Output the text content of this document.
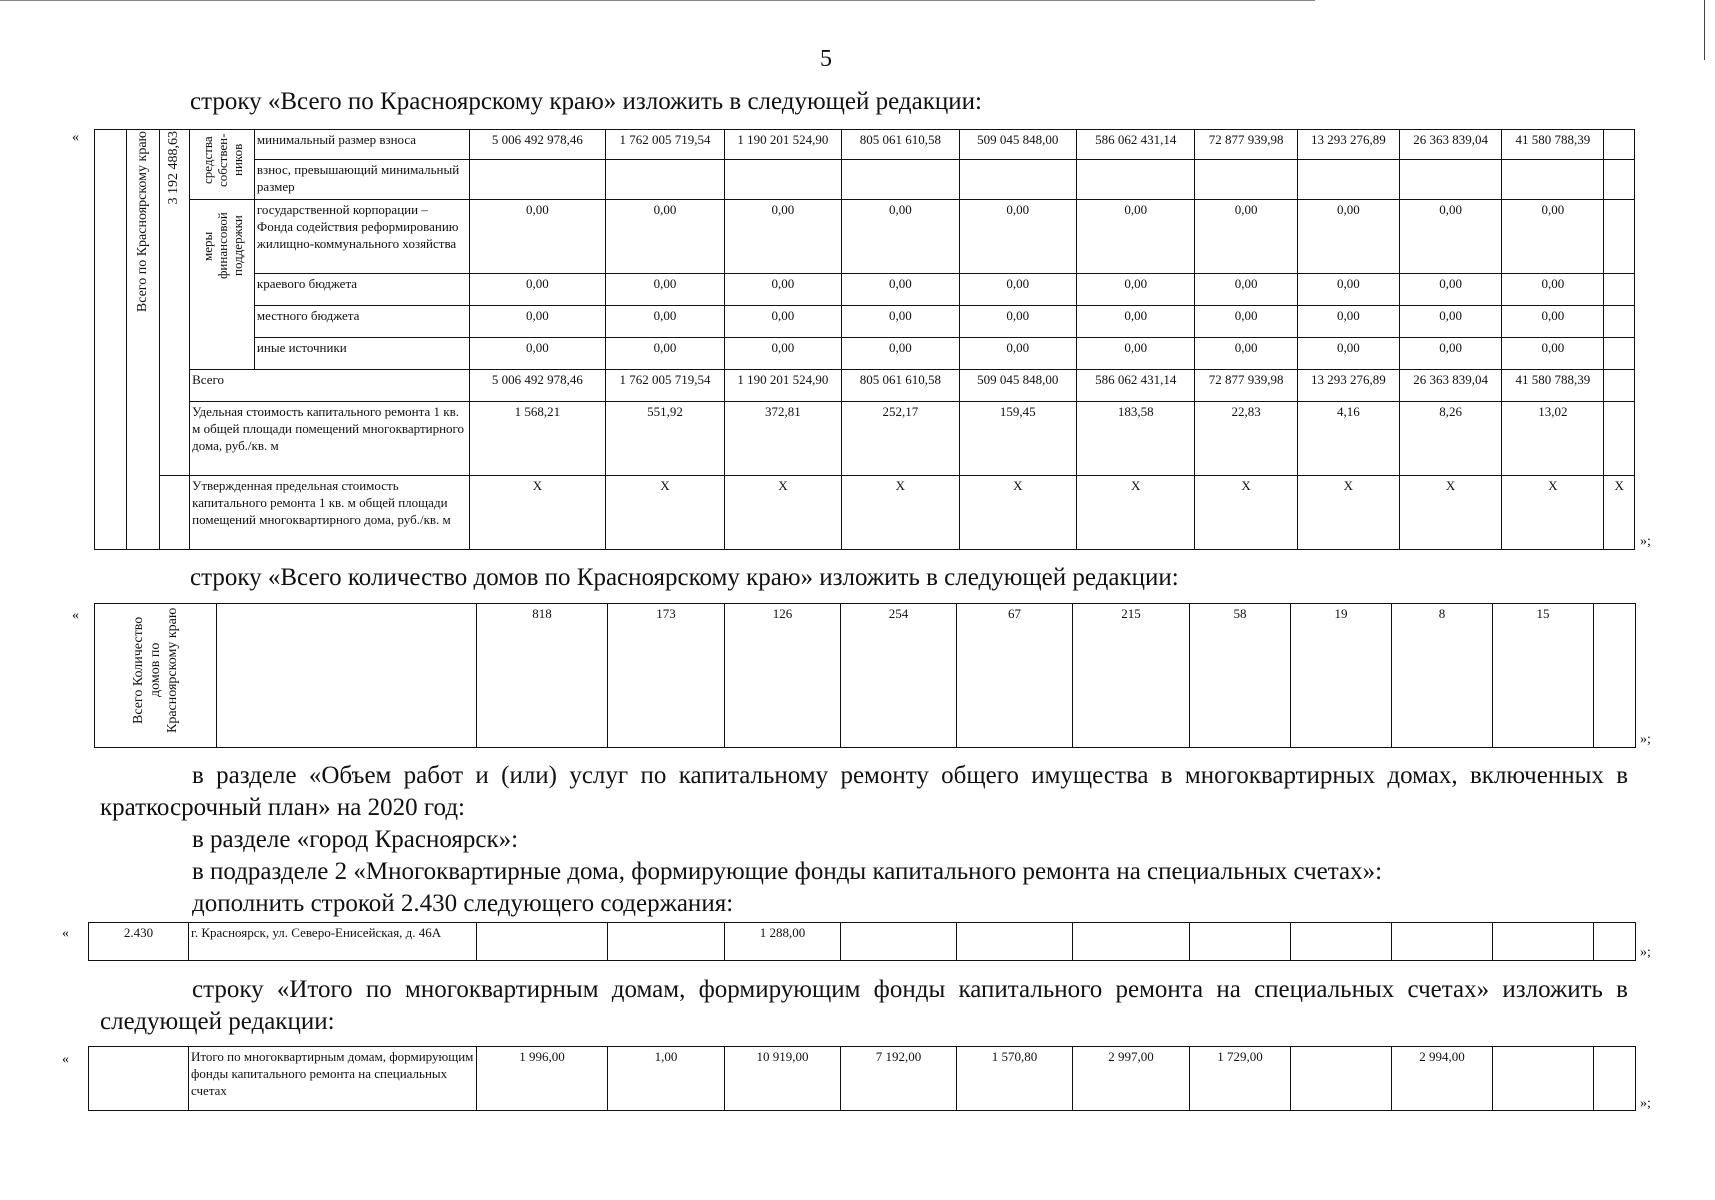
5
строку «Всего по Красноярскому краю» изложить в следующей редакции:
«
		Всего по Красноярскому краю	3 192 488,63	средства собствен-ников	минимальный размер взноса	5 006 492 978,46	1 762 005 719,54	1 190 201 524,90	805 061 610,58	509 045 848,00	586 062 431,14	72 877 939,98	13 293 276,89	26 363 839,04	41 580 788,39	
				взнос, превышающий минимальный размер											
			меры финансовой поддержки	государственной корпорации – Фонда содействия реформированию жилищно-коммунального хозяйства	0,00	0,00	0,00	0,00	0,00	0,00	0,00	0,00	0,00	0,00	
				краевого бюджета	0,00	0,00	0,00	0,00	0,00	0,00	0,00	0,00	0,00	0,00	
				местного бюджета	0,00	0,00	0,00	0,00	0,00	0,00	0,00	0,00	0,00	0,00	
				иные источники	0,00	0,00	0,00	0,00	0,00	0,00	0,00	0,00	0,00	0,00	
			Всего		5 006 492 978,46	1 762 005 719,54	1 190 201 524,90	805 061 610,58	509 045 848,00	586 062 431,14	72 877 939,98	13 293 276,89	26 363 839,04	41 580 788,39	
			Удельная стоимость капитального ремонта 1 кв. м общей площади помещений многоквартирного дома, руб./кв. м		1 568,21	551,92	372,81	252,17	159,45	183,58	22,83	4,16	8,26	13,02	
			Утвержденная предельная стоимость капитального ремонта 1 кв. м общей площади помещений многоквартирного дома, руб./кв. м		X	X	X	X	X	X	X	X	X	X	X
»;
строку «Всего количество домов по Красноярскому краю» изложить в следующей редакции:
«
Всего Количество домов по Красноярскому краю		818	173	126	254	67	215	58	19	8	15	
»;
в разделе «Объем работ и (или) услуг по капитальному ремонту общего имущества в многоквартирных домах, включенных в краткосрочный план» на 2020 год:
в разделе «город Красноярск»:
в подразделе 2 «Многоквартирные дома, формирующие фонды капитального ремонта на специальных счетах»:
дополнить строкой 2.430 следующего содержания:
«	2.430	г. Красноярск, ул. Северо-Енисейская, д. 46А			1 288,00								
»;
строку «Итого по многоквартирным домам, формирующим фонды капитального ремонта на специальных счетах» изложить в следующей редакции:
«
		Итого по многоквартирным домам, формирующим фонды капитального ремонта на специальных счетах	1 996,00	1,00	10 919,00	7 192,00	1 570,80	2 997,00	1 729,00		2 994,00		
»;
